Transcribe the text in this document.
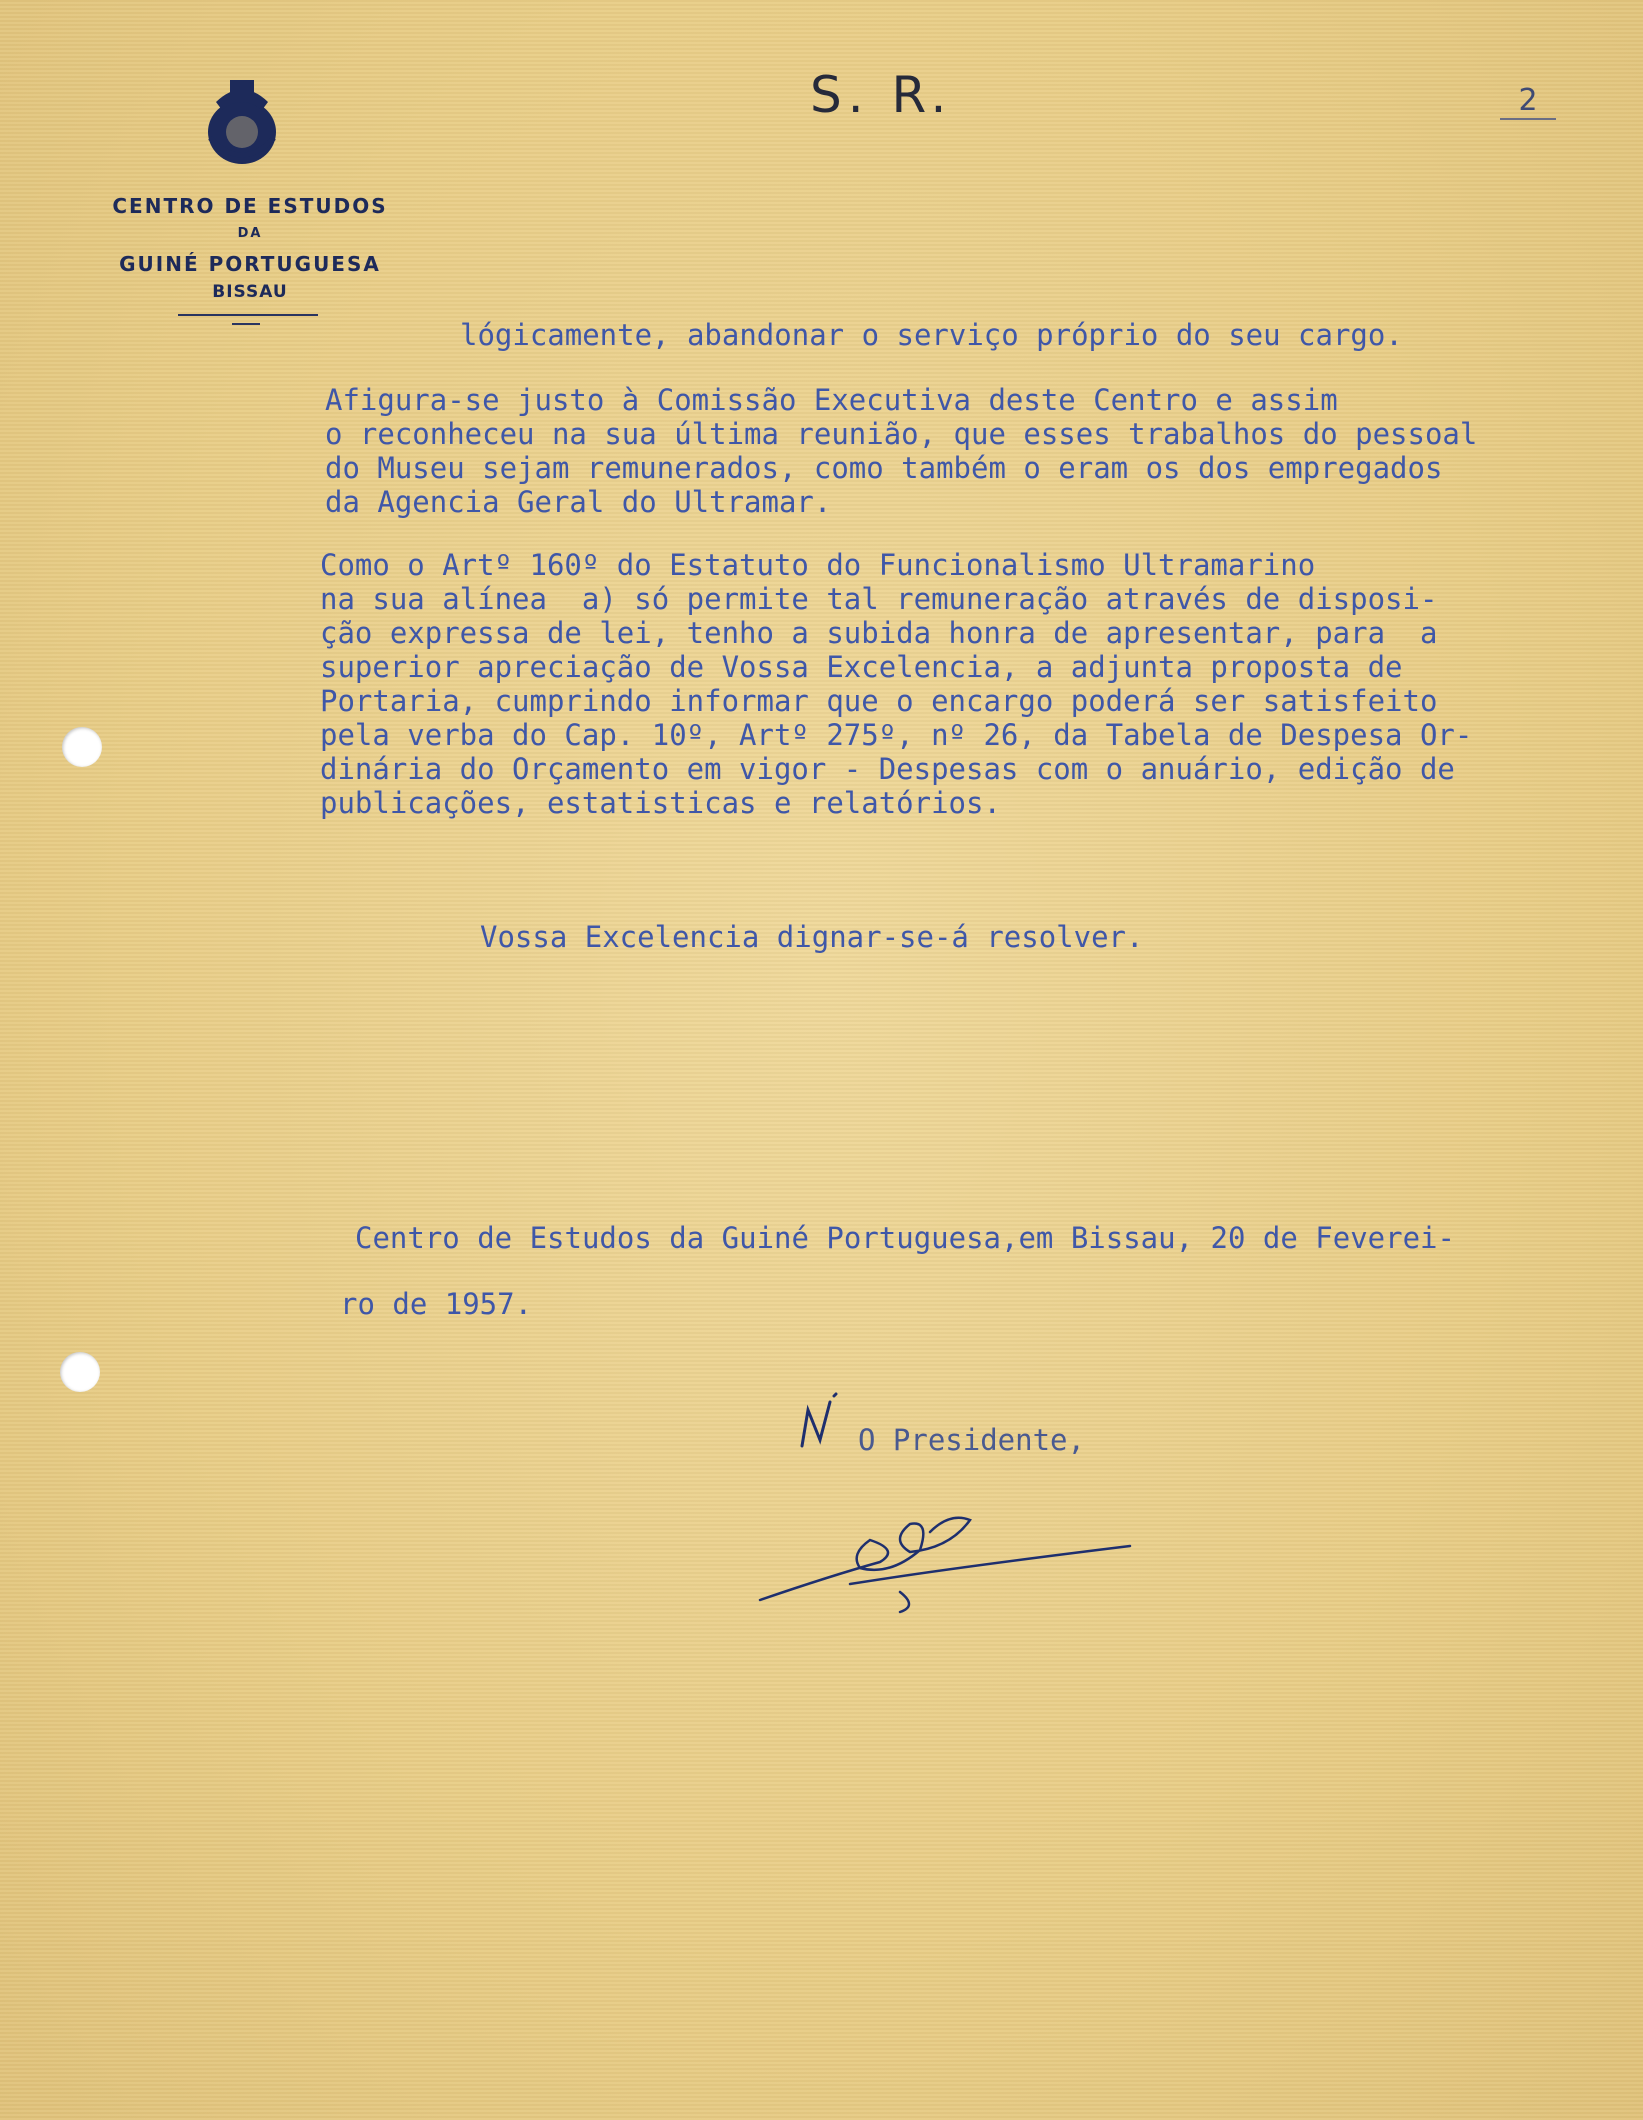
CENTRO DE ESTUDOS
DA
GUINÉ PORTUGUESA
BISSAU
S. R.	2
lógicamente, abandonar o serviço próprio do seu cargo.
Afigura-se justo à Comissão Executiva deste Centro e assim
o reconheceu na sua última reunião, que esses trabalhos do pessoal
do Museu sejam remunerados, como também o eram os dos empregados
da Agencia Geral do Ultramar.
Como o Artº 160º do Estatuto do Funcionalismo Ultramarino
na sua alínea  a) só permite tal remuneração através de disposi-
ção expressa de lei, tenho a subida honra de apresentar, para  a
superior apreciação de Vossa Excelencia, a adjunta proposta de
Portaria, cumprindo informar que o encargo poderá ser satisfeito
pela verba do Cap. 10º, Artº 275º, nº 26, da Tabela de Despesa Or-
dinária do Orçamento em vigor - Despesas com o anuário, edição de
publicações, estatisticas e relatórios.
Vossa Excelencia dignar-se-á resolver.
Centro de Estudos da Guiné Portuguesa,em Bissau, 20 de Feverei-
ro de 1957.
O Presidente,
